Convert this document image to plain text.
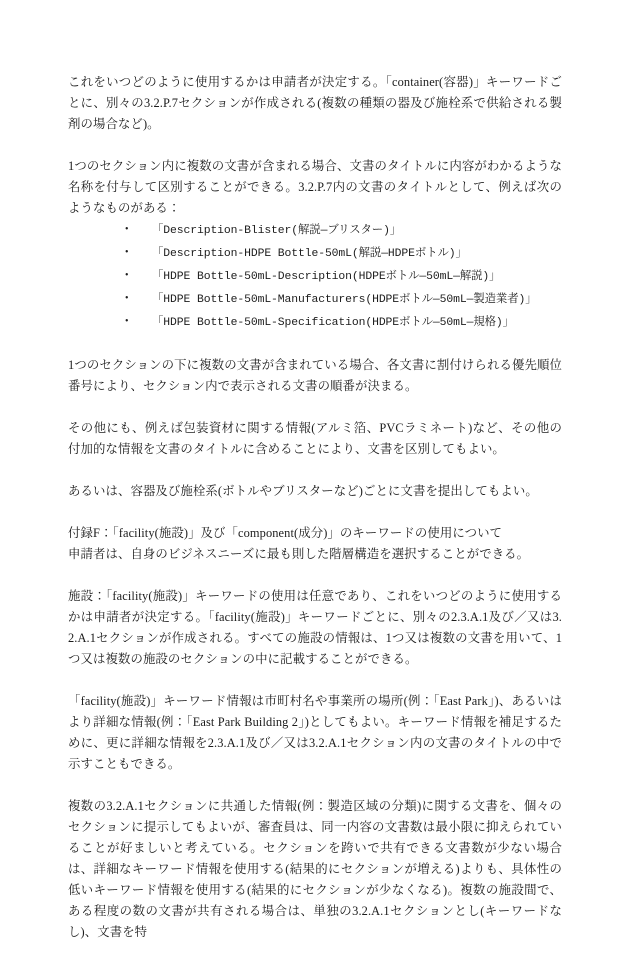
これをいつどのように使用するかは申請者が決定する。「container(容器)」キーワードごとに、別々の3.2.P.7セクションが作成される(複数の種類の器及び施栓系で供給される製剤の場合など)。

1つのセクション内に複数の文書が含まれる場合、文書のタイトルに内容がわかるような名称を付与して区別することができる。3.2.P.7内の文書のタイトルとして、例えば次のようなものがある：

• 「Description-Blister(解説—ブリスター)」
• 「Description-HDPE Bottle-50mL(解説—HDPEボトル)」
• 「HDPE Bottle-50mL-Description(HDPEボトル—50mL—解説)」
• 「HDPE Bottle-50mL-Manufacturers(HDPEボトル—50mL—製造業者)」
• 「HDPE Bottle-50mL-Specification(HDPEボトル—50mL—規格)」

1つのセクションの下に複数の文書が含まれている場合、各文書に割付けられる優先順位番号により、セクション内で表示される文書の順番が決まる。

その他にも、例えば包装資材に関する情報(アルミ箔、PVCラミネート)など、その他の付加的な情報を文書のタイトルに含めることにより、文書を区別してもよい。

あるいは、容器及び施栓系(ボトルやブリスターなど)ごとに文書を提出してもよい。

付録F：「facility(施設)」及び「component(成分)」のキーワードの使用について

申請者は、自身のビジネスニーズに最も則した階層構造を選択することができる。

施設：「facility(施設)」キーワードの使用は任意であり、これをいつどのように使用するかは申請者が決定する。「facility(施設)」キーワードごとに、別々の2.3.A.1及び／又は3.2.A.1セクションが作成される。すべての施設の情報は、1つ又は複数の文書を用いて、1つ又は複数の施設のセクションの中に記載することができる。

「facility(施設)」キーワード情報は市町村名や事業所の場所(例：「East Park」)、あるいはより詳細な情報(例：「East Park Building 2」)としてもよい。キーワード情報を補足するために、更に詳細な情報を2.3.A.1及び／又は3.2.A.1セクション内の文書のタイトルの中で示すこともできる。

複数の3.2.A.1セクションに共通した情報(例：製造区域の分類)に関する文書を、個々のセクションに提示してもよいが、審査員は、同一内容の文書数は最小限に抑えられていることが好ましいと考えている。セクションを跨いで共有できる文書数が少ない場合は、詳細なキーワード情報を使用する(結果的にセクションが増える)よりも、具体性の低いキーワード情報を使用する(結果的にセクションが少なくなる)。複数の施設間で、ある程度の数の文書が共有される場合は、単独の3.2.A.1セクションとし(キーワードなし)、文書を特
